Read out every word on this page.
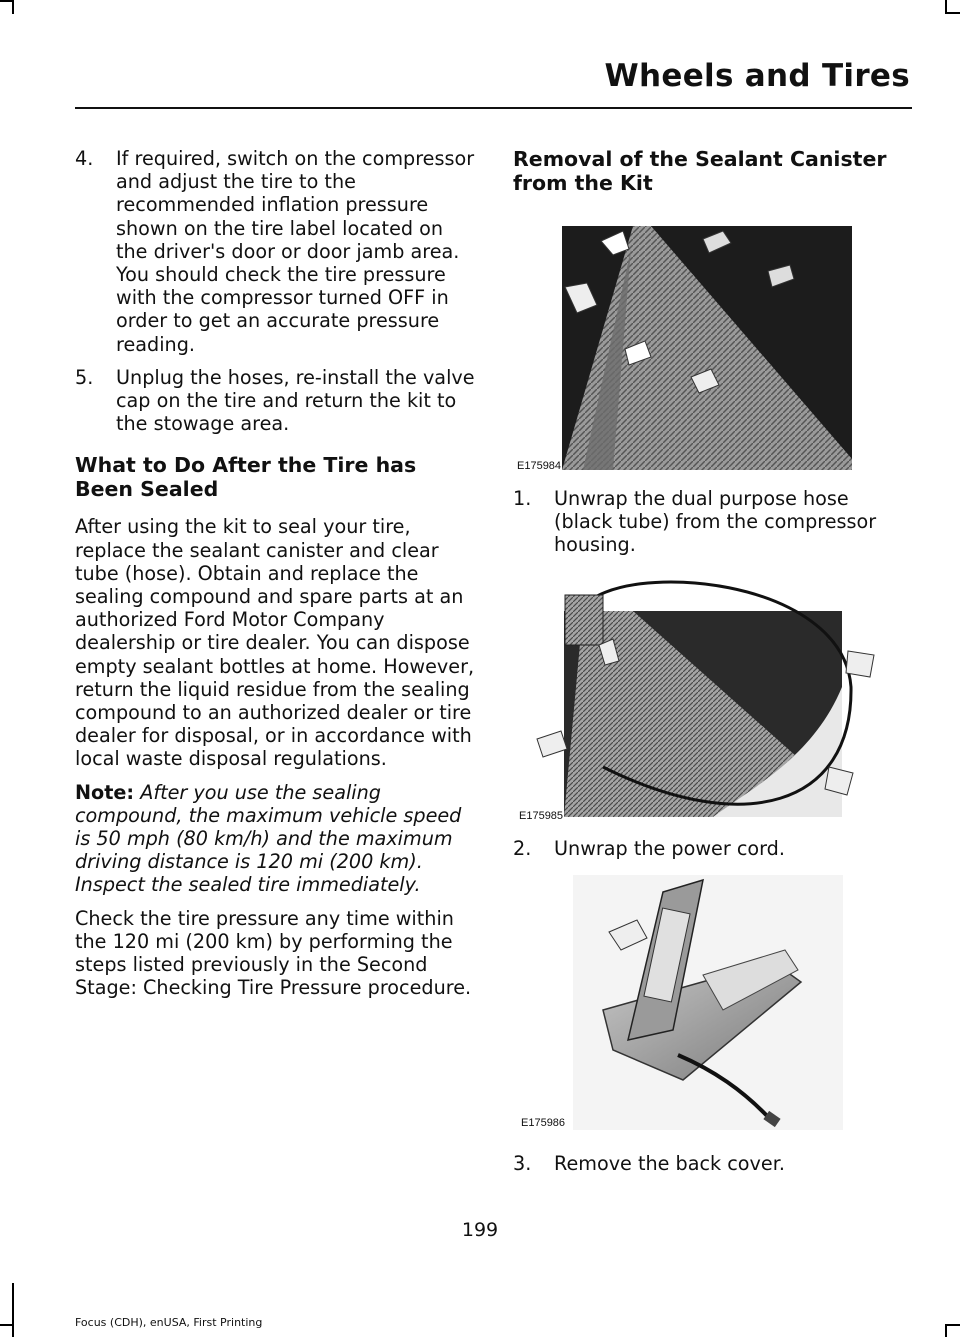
Wheels and Tires
4. If required, switch on the compressor and adjust the tire to the recommended inflation pressure shown on the tire label located on the driver's door or door jamb area. You should check the tire pressure with the compressor turned OFF in order to get an accurate pressure reading.
5. Unplug the hoses, re-install the valve cap on the tire and return the kit to the stowage area.
What to Do After the Tire has Been Sealed

After using the kit to seal your tire, replace the sealant canister and clear tube (hose). Obtain and replace the sealing compound and spare parts at an authorized Ford Motor Company dealership or tire dealer. You can dispose empty sealant bottles at home. However, return the liquid residue from the sealing compound to an authorized dealer or tire dealer for disposal, or in accordance with local waste disposal regulations.

Note: After you use the sealing compound, the maximum vehicle speed is 50 mph (80 km/h) and the maximum driving distance is 120 mi (200 km). Inspect the sealed tire immediately.

Check the tire pressure any time within the 120 mi (200 km) by performing the steps listed previously in the Second Stage: Checking Tire Pressure procedure.

Removal of the Sealant Canister from the Kit
E175984
1. Unwrap the dual purpose hose (black tube) from the compressor housing.
E175985
2. Unwrap the power cord.
E175986
3. Remove the back cover.
199
Focus (CDH), enUSA, First Printing
